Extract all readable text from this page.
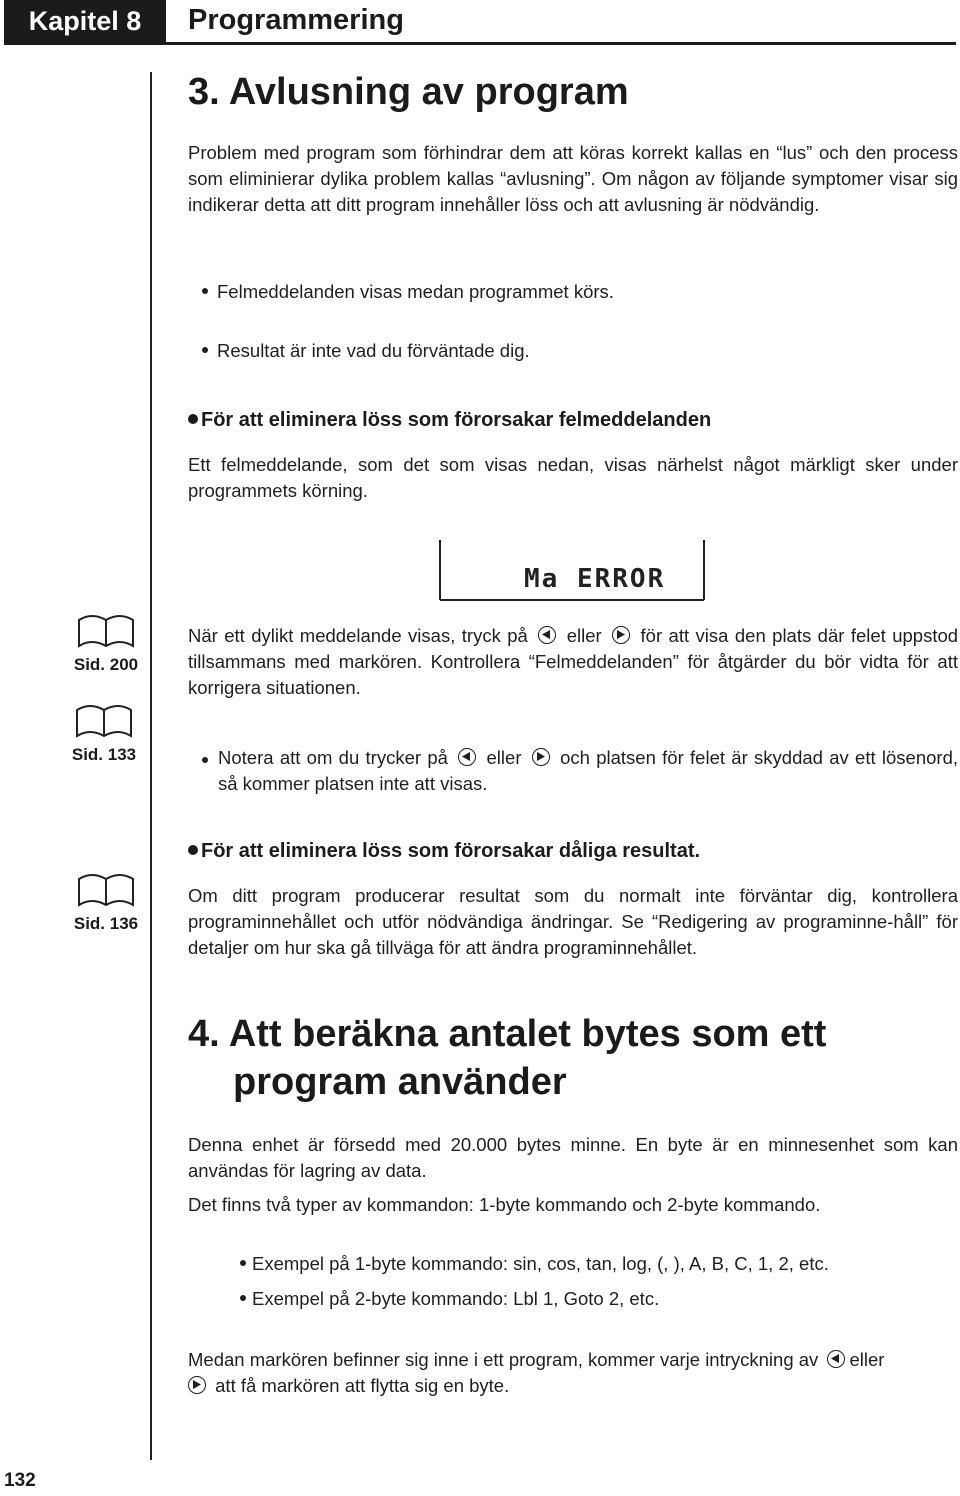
Kapitel 8	Programmering
3. Avlusning av program
Problem med program som förhindrar dem att köras korrekt kallas en “lus” och den process som eliminierar dylika problem kallas “avlusning”. Om någon av följande symptomer visar sig indikerar detta att ditt program innehåller löss och att avlusning är nödvändig.
Felmeddelanden visas medan programmet körs.
Resultat är inte vad du förväntade dig.
För att eliminera löss som förorsakar felmeddelanden
Ett felmeddelande, som det som visas nedan, visas närhelst något märkligt sker under programmets körning.
Ma ERROR
Sid. 200
Sid. 133
Sid. 136
När ett dylikt meddelande visas, tryck på eller för att visa den plats där felet uppstod tillsammans med markören. Kontrollera “Felmeddelanden” för åtgärder du bör vidta för att korrigera situationen.
Notera att om du trycker på eller och platsen för felet är skyddad av ett lösenord, så kommer platsen inte att visas.
För att eliminera löss som förorsakar dåliga resultat.
Om ditt program producerar resultat som du normalt inte förväntar dig, kontrollera programinnehållet och utför nödvändiga ändringar. Se “Redigering av programinne-håll” för detaljer om hur ska gå tillväga för att ändra programinnehållet.
4. Att beräkna antalet bytes som ett
program använder
Denna enhet är försedd med 20.000 bytes minne. En byte är en minnesenhet som kan användas för lagring av data.
Det finns två typer av kommandon: 1-byte kommando och 2-byte kommando.
Exempel på 1-byte kommando: sin, cos, tan, log, (, ), A, B, C, 1, 2, etc.
Exempel på 2-byte kommando: Lbl 1, Goto 2, etc.
Medan markören befinner sig inne i ett program, kommer varje intryckning av eller

att få markören att flytta sig en byte.
132
